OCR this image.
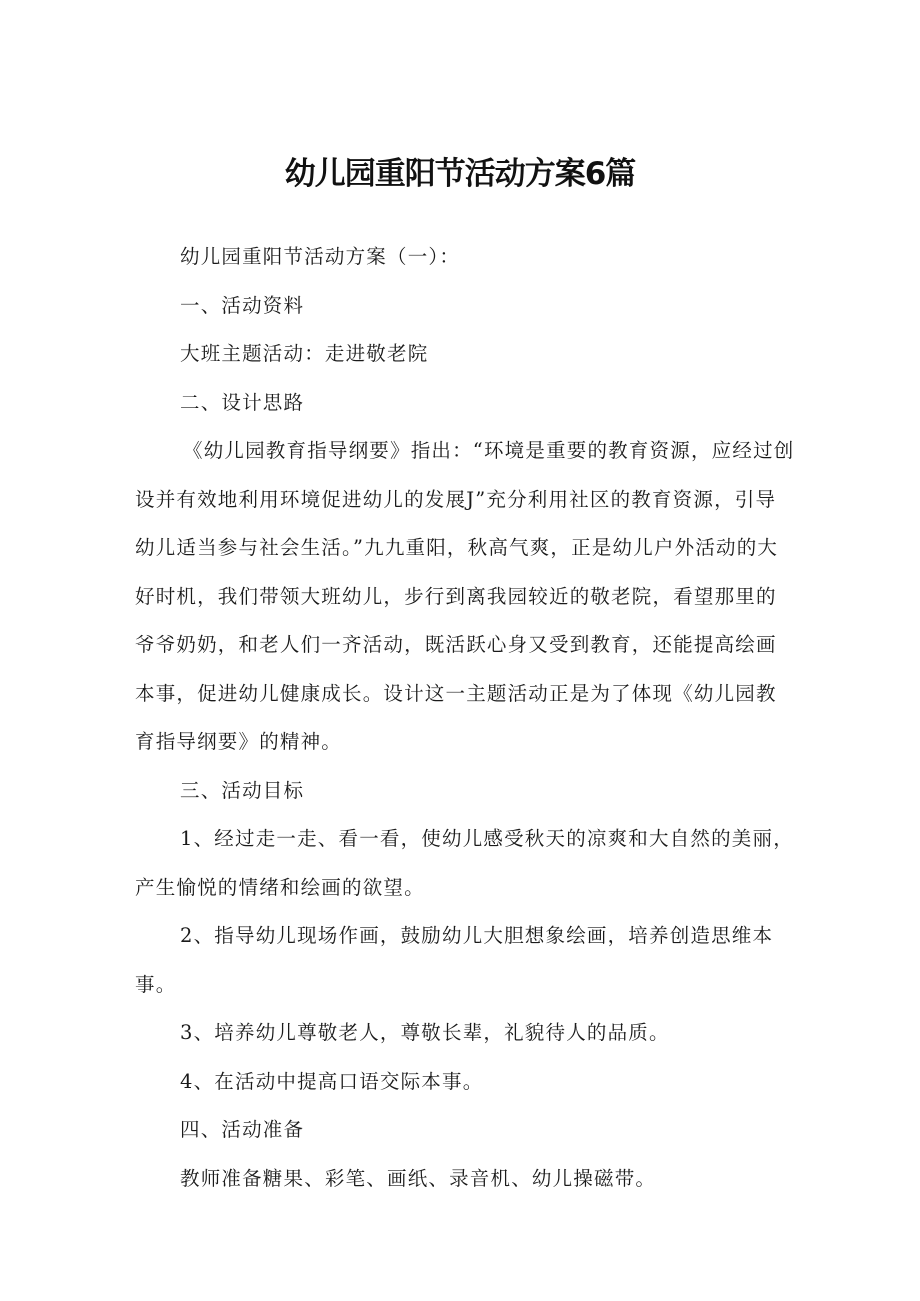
幼儿园重阳节活动方案6篇

幼儿园重阳节活动方案（一）：

一、活动资料

大班主题活动：走进敬老院

二、设计思路

《幼儿园教育指导纲要》指出：“环境是重要的教育资源，应经过创设并有效地利用环境促进幼儿的发展J”充分利用社区的教育资源，引导幼儿适当参与社会生活。”九九重阳，秋高气爽，正是幼儿户外活动的大好时机，我们带领大班幼儿，步行到离我园较近的敬老院，看望那里的爷爷奶奶，和老人们一齐活动，既活跃心身又受到教育，还能提高绘画本事，促进幼儿健康成长。设计这一主题活动正是为了体现《幼儿园教育指导纲要》的精神。

三、活动目标

1、经过走一走、看一看，使幼儿感受秋天的凉爽和大自然的美丽，产生愉悦的情绪和绘画的欲望。

2、指导幼儿现场作画，鼓励幼儿大胆想象绘画，培养创造思维本事。

3、培养幼儿尊敬老人，尊敬长辈，礼貌待人的品质。

4、在活动中提高口语交际本事。

四、活动准备

教师准备糖果、彩笔、画纸、录音机、幼儿操磁带。
